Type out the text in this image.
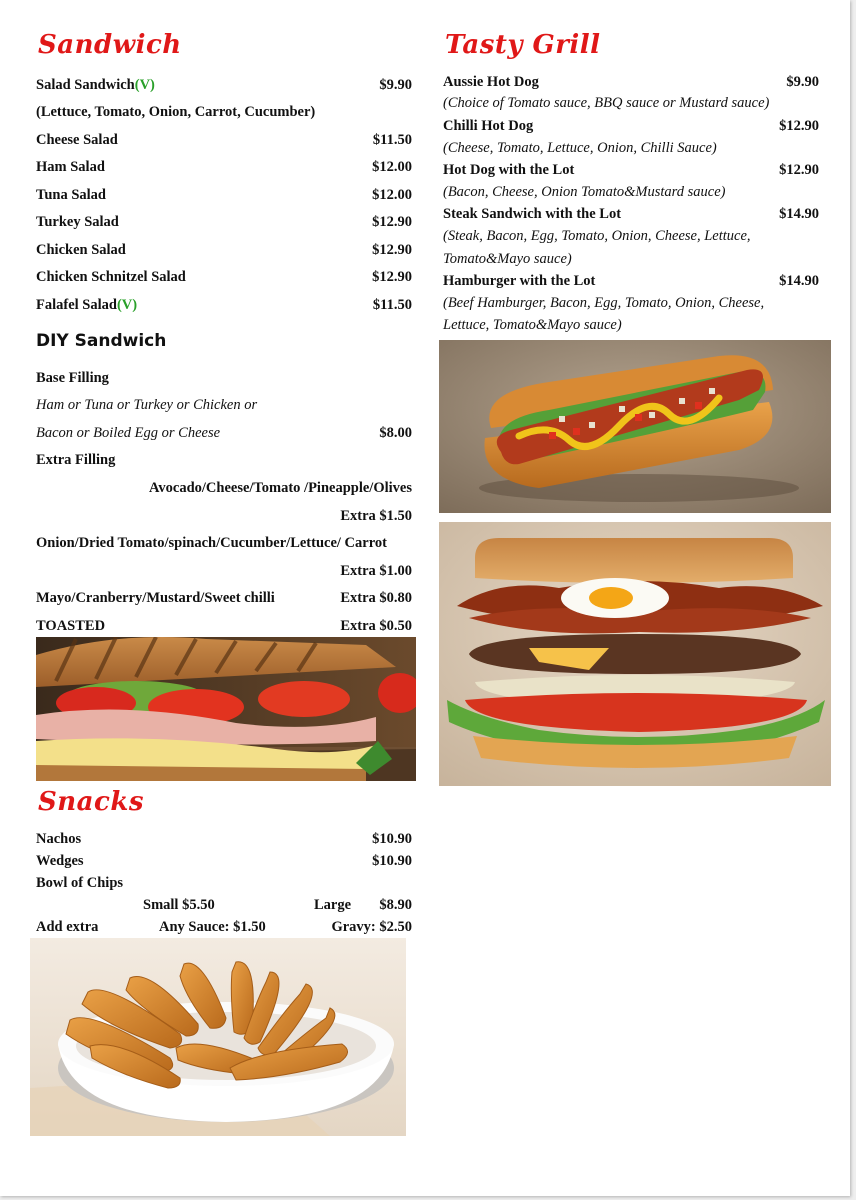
Sandwich
Salad Sandwich(V)	$9.90
(Lettuce, Tomato, Onion, Carrot, Cucumber)
Cheese Salad	$11.50
Ham Salad	$12.00
Tuna Salad	$12.00
Turkey Salad	$12.90
Chicken Salad	$12.90
Chicken Schnitzel Salad	$12.90
Falafel Salad(V)	$11.50
DIY Sandwich
Base Filling
Ham or Tuna or Turkey or Chicken or
Bacon or Boiled Egg or Cheese	$8.00
Extra Filling
Avocado/Cheese/Tomato /Pineapple/Olives
Extra $1.50
Onion/Dried Tomato/spinach/Cucumber/Lettuce/ Carrot
Extra $1.00
Mayo/Cranberry/Mustard/Sweet chilli	Extra $0.80
TOASTED	Extra $0.50
Snacks
Nachos	$10.90
Wedges	$10.90
Bowl of Chips
Small $5.50	Large $8.90
Add extra	Any Sauce: $1.50	Gravy: $2.50
Tasty Grill
Aussie Hot Dog	$9.90
(Choice of Tomato sauce, BBQ sauce or Mustard sauce)
Chilli Hot Dog	$12.90
(Cheese, Tomato, Lettuce, Onion, Chilli Sauce)
Hot Dog with the Lot	$12.90
(Bacon, Cheese, Onion Tomato&Mustard sauce)
Steak Sandwich with the Lot	$14.90
(Steak, Bacon, Egg, Tomato, Onion, Cheese, Lettuce,
Tomato&Mayo sauce)
Hamburger with the Lot	$14.90
(Beef Hamburger, Bacon, Egg, Tomato, Onion, Cheese,
Lettuce, Tomato&Mayo sauce)
